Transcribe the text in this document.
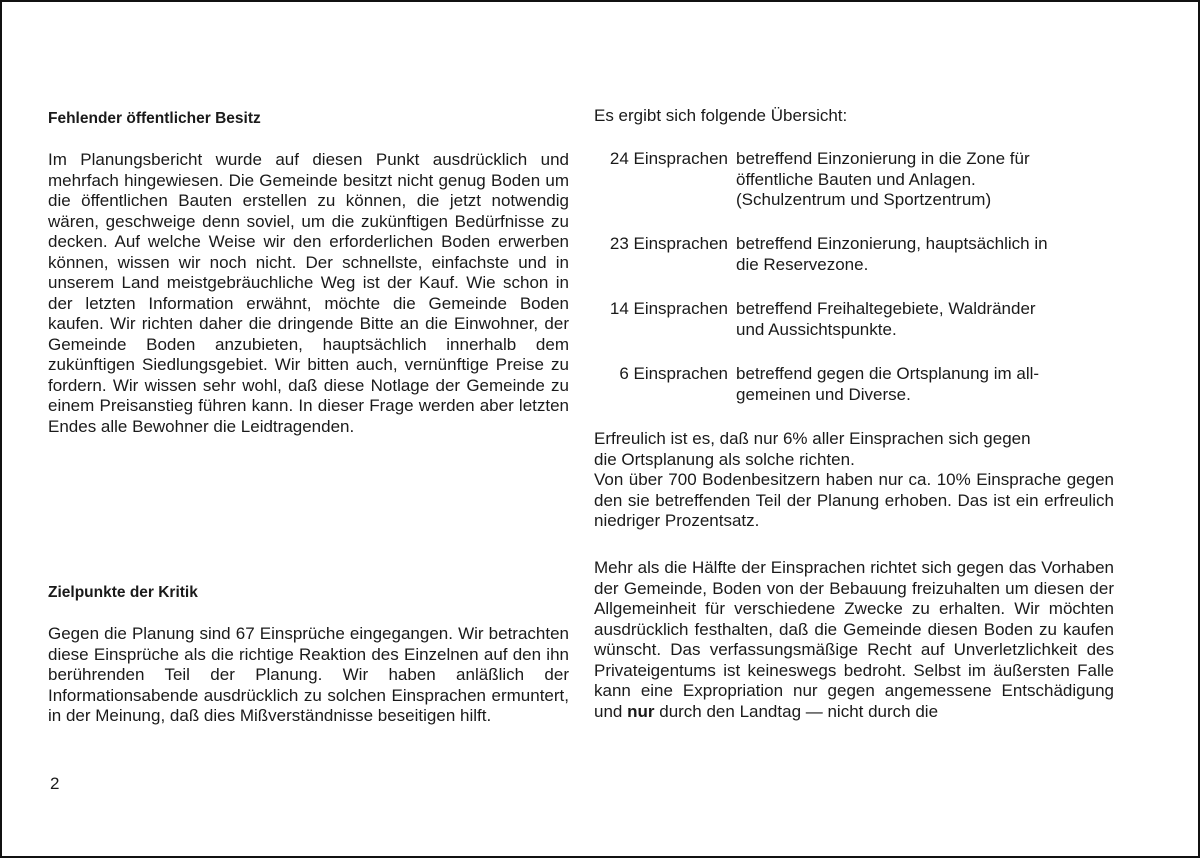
Fehlender öffentlicher Besitz

Im Planungsbericht wurde auf diesen Punkt ausdrücklich und mehrfach hingewiesen. Die Gemeinde besitzt nicht genug Boden um die öffentlichen Bauten erstellen zu können, die jetzt notwendig wären, geschweige denn soviel, um die zukünftigen Bedürfnisse zu decken. Auf welche Weise wir den erforderlichen Boden erwerben können, wissen wir noch nicht. Der schnellste, einfachste und in unserem Land meistgebräuchliche Weg ist der Kauf. Wie schon in der letzten Information erwähnt, möchte die Gemeinde Boden kaufen. Wir richten daher die dringende Bitte an die Einwohner, der Gemeinde Boden anzubieten, hauptsächlich innerhalb dem zukünftigen Siedlungsgebiet. Wir bitten auch, vernünftige Preise zu fordern. Wir wissen sehr wohl, daß diese Notlage der Gemeinde zu einem Preisanstieg führen kann. In dieser Frage werden aber letzten Endes alle Bewohner die Leidtragenden.

Zielpunkte der Kritik

Gegen die Planung sind 67 Einsprüche eingegangen. Wir betrachten diese Einsprüche als die richtige Reaktion des Einzelnen auf den ihn berührenden Teil der Planung. Wir haben anläßlich der Informationsabende ausdrücklich zu solchen Einsprachen ermuntert, in der Meinung, daß dies Mißverständnisse beseitigen hilft.

2
Es ergibt sich folgende Übersicht:
24 Einsprachen betreffend Einzonierung in die Zone für
öffentliche Bauten und Anlagen.
(Schulzentrum und Sportzentrum)
23 Einsprachen betreffend Einzonierung, hauptsächlich in
die Reservezone.
14 Einsprachen betreffend Freihaltegebiete, Waldränder
und Aussichtspunkte.
6 Einsprachen betreffend gegen die Ortsplanung im all-
gemeinen und Diverse.
Erfreulich ist es, daß nur 6% aller Einsprachen sich gegen
die Ortsplanung als solche richten.

Von über 700 Bodenbesitzern haben nur ca. 10% Einsprache gegen den sie betreffenden Teil der Planung erhoben. Das ist ein erfreulich niedriger Prozentsatz.

Mehr als die Hälfte der Einsprachen richtet sich gegen das Vorhaben der Gemeinde, Boden von der Bebauung freizuhalten um diesen der Allgemeinheit für verschiedene Zwecke zu erhalten. Wir möchten ausdrücklich festhalten, daß die Gemeinde diesen Boden zu kaufen wünscht. Das verfassungsmäßige Recht auf Unverletzlichkeit des Privateigentums ist keineswegs bedroht. Selbst im äußersten Falle kann eine Expropriation nur gegen angemessene Entschädigung und nur durch den Landtag — nicht durch die
